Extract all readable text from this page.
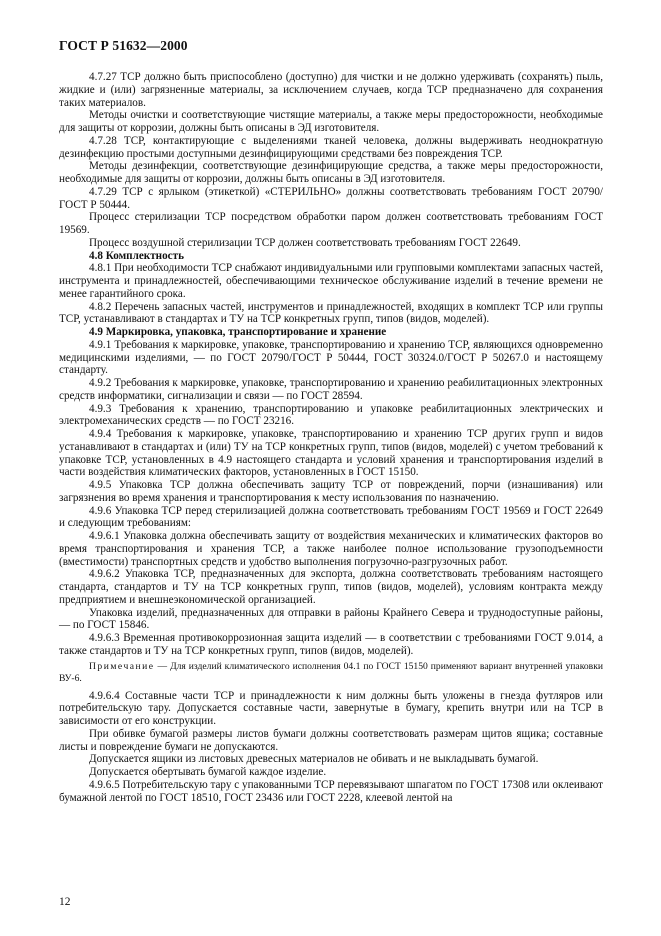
ГОСТ Р 51632—2000

4.7.27 ТСР должно быть приспособлено (доступно) для чистки и не должно удерживать (сохранять) пыль, жидкие и (или) загрязненные материалы, за исключением случаев, когда ТСР предназначено для сохранения таких материалов.

Методы очистки и соответствующие чистящие материалы, а также меры предосторожности, необходимые для защиты от коррозии, должны быть описаны в ЭД изготовителя.

4.7.28 ТСР, контактирующие с выделениями тканей человека, должны выдерживать неоднократную дезинфекцию простыми доступными дезинфицирующими средствами без повреждения ТСР.

Методы дезинфекции, соответствующие дезинфицирующие средства, а также меры предосторожности, необходимые для защиты от коррозии, должны быть описаны в ЭД изготовителя.

4.7.29 ТСР с ярлыком (этикеткой) «СТЕРИЛЬНО» должны соответствовать требованиям ГОСТ 20790/ГОСТ Р 50444.

Процесс стерилизации ТСР посредством обработки паром должен соответствовать требованиям ГОСТ 19569.

Процесс воздушной стерилизации ТСР должен соответствовать требованиям ГОСТ 22649.

4.8 Комплектность

4.8.1 При необходимости ТСР снабжают индивидуальными или групповыми комплектами запасных частей, инструмента и принадлежностей, обеспечивающими техническое обслуживание изделий в течение времени не менее гарантийного срока.

4.8.2 Перечень запасных частей, инструментов и принадлежностей, входящих в комплект ТСР или группы ТСР, устанавливают в стандартах и ТУ на ТСР конкретных групп, типов (видов, моделей).

4.9 Маркировка, упаковка, транспортирование и хранение

4.9.1 Требования к маркировке, упаковке, транспортированию и хранению ТСР, являющихся одновременно медицинскими изделиями, — по ГОСТ 20790/ГОСТ Р 50444, ГОСТ 30324.0/ГОСТ Р 50267.0 и настоящему стандарту.

4.9.2 Требования к маркировке, упаковке, транспортированию и хранению реабилитационных электронных средств информатики, сигнализации и связи — по ГОСТ 28594.

4.9.3 Требования к хранению, транспортированию и упаковке реабилитационных электрических и электромеханических средств — по ГОСТ 23216.

4.9.4 Требования к маркировке, упаковке, транспортированию и хранению ТСР других групп и видов устанавливают в стандартах и (или) ТУ на ТСР конкретных групп, типов (видов, моделей) с учетом требований к упаковке ТСР, установленных в 4.9 настоящего стандарта и условий хранения и транспортирования изделий в части воздействия климатических факторов, установленных в ГОСТ 15150.

4.9.5 Упаковка ТСР должна обеспечивать защиту ТСР от повреждений, порчи (изнашивания) или загрязнения во время хранения и транспортирования к месту использования по назначению.

4.9.6 Упаковка ТСР перед стерилизацией должна соответствовать требованиям ГОСТ 19569 и ГОСТ 22649 и следующим требованиям:

4.9.6.1 Упаковка должна обеспечивать защиту от воздействия механических и климатических факторов во время транспортирования и хранения ТСР, а также наиболее полное использование грузоподъемности (вместимости) транспортных средств и удобство выполнения погрузочно-разгрузочных работ.

4.9.6.2 Упаковка ТСР, предназначенных для экспорта, должна соответствовать требованиям настоящего стандарта, стандартов и ТУ на ТСР конкретных групп, типов (видов, моделей), условиям контракта между предприятием и внешнеэкономической организацией.

Упаковка изделий, предназначенных для отправки в районы Крайнего Севера и труднодоступные районы, — по ГОСТ 15846.

4.9.6.3 Временная противокоррозионная защита изделий — в соответствии с требованиями ГОСТ 9.014, а также стандартов и ТУ на ТСР конкретных групп, типов (видов, моделей).

Примечание — Для изделий климатического исполнения 04.1 по ГОСТ 15150 применяют вариант внутренней упаковки ВУ-6.

4.9.6.4 Составные части ТСР и принадлежности к ним должны быть уложены в гнезда футляров или потребительскую тару. Допускается составные части, завернутые в бумагу, крепить внутри или на ТСР в зависимости от его конструкции.

При обивке бумагой размеры листов бумаги должны соответствовать размерам щитов ящика; составные листы и повреждение бумаги не допускаются.

Допускается ящики из листовых древесных материалов не обивать и не выкладывать бумагой.

Допускается обертывать бумагой каждое изделие.

4.9.6.5 Потребительскую тару с упакованными ТСР перевязывают шпагатом по ГОСТ 17308 или оклеивают бумажной лентой по ГОСТ 18510, ГОСТ 23436 или ГОСТ 2228, клеевой лентой на

12
